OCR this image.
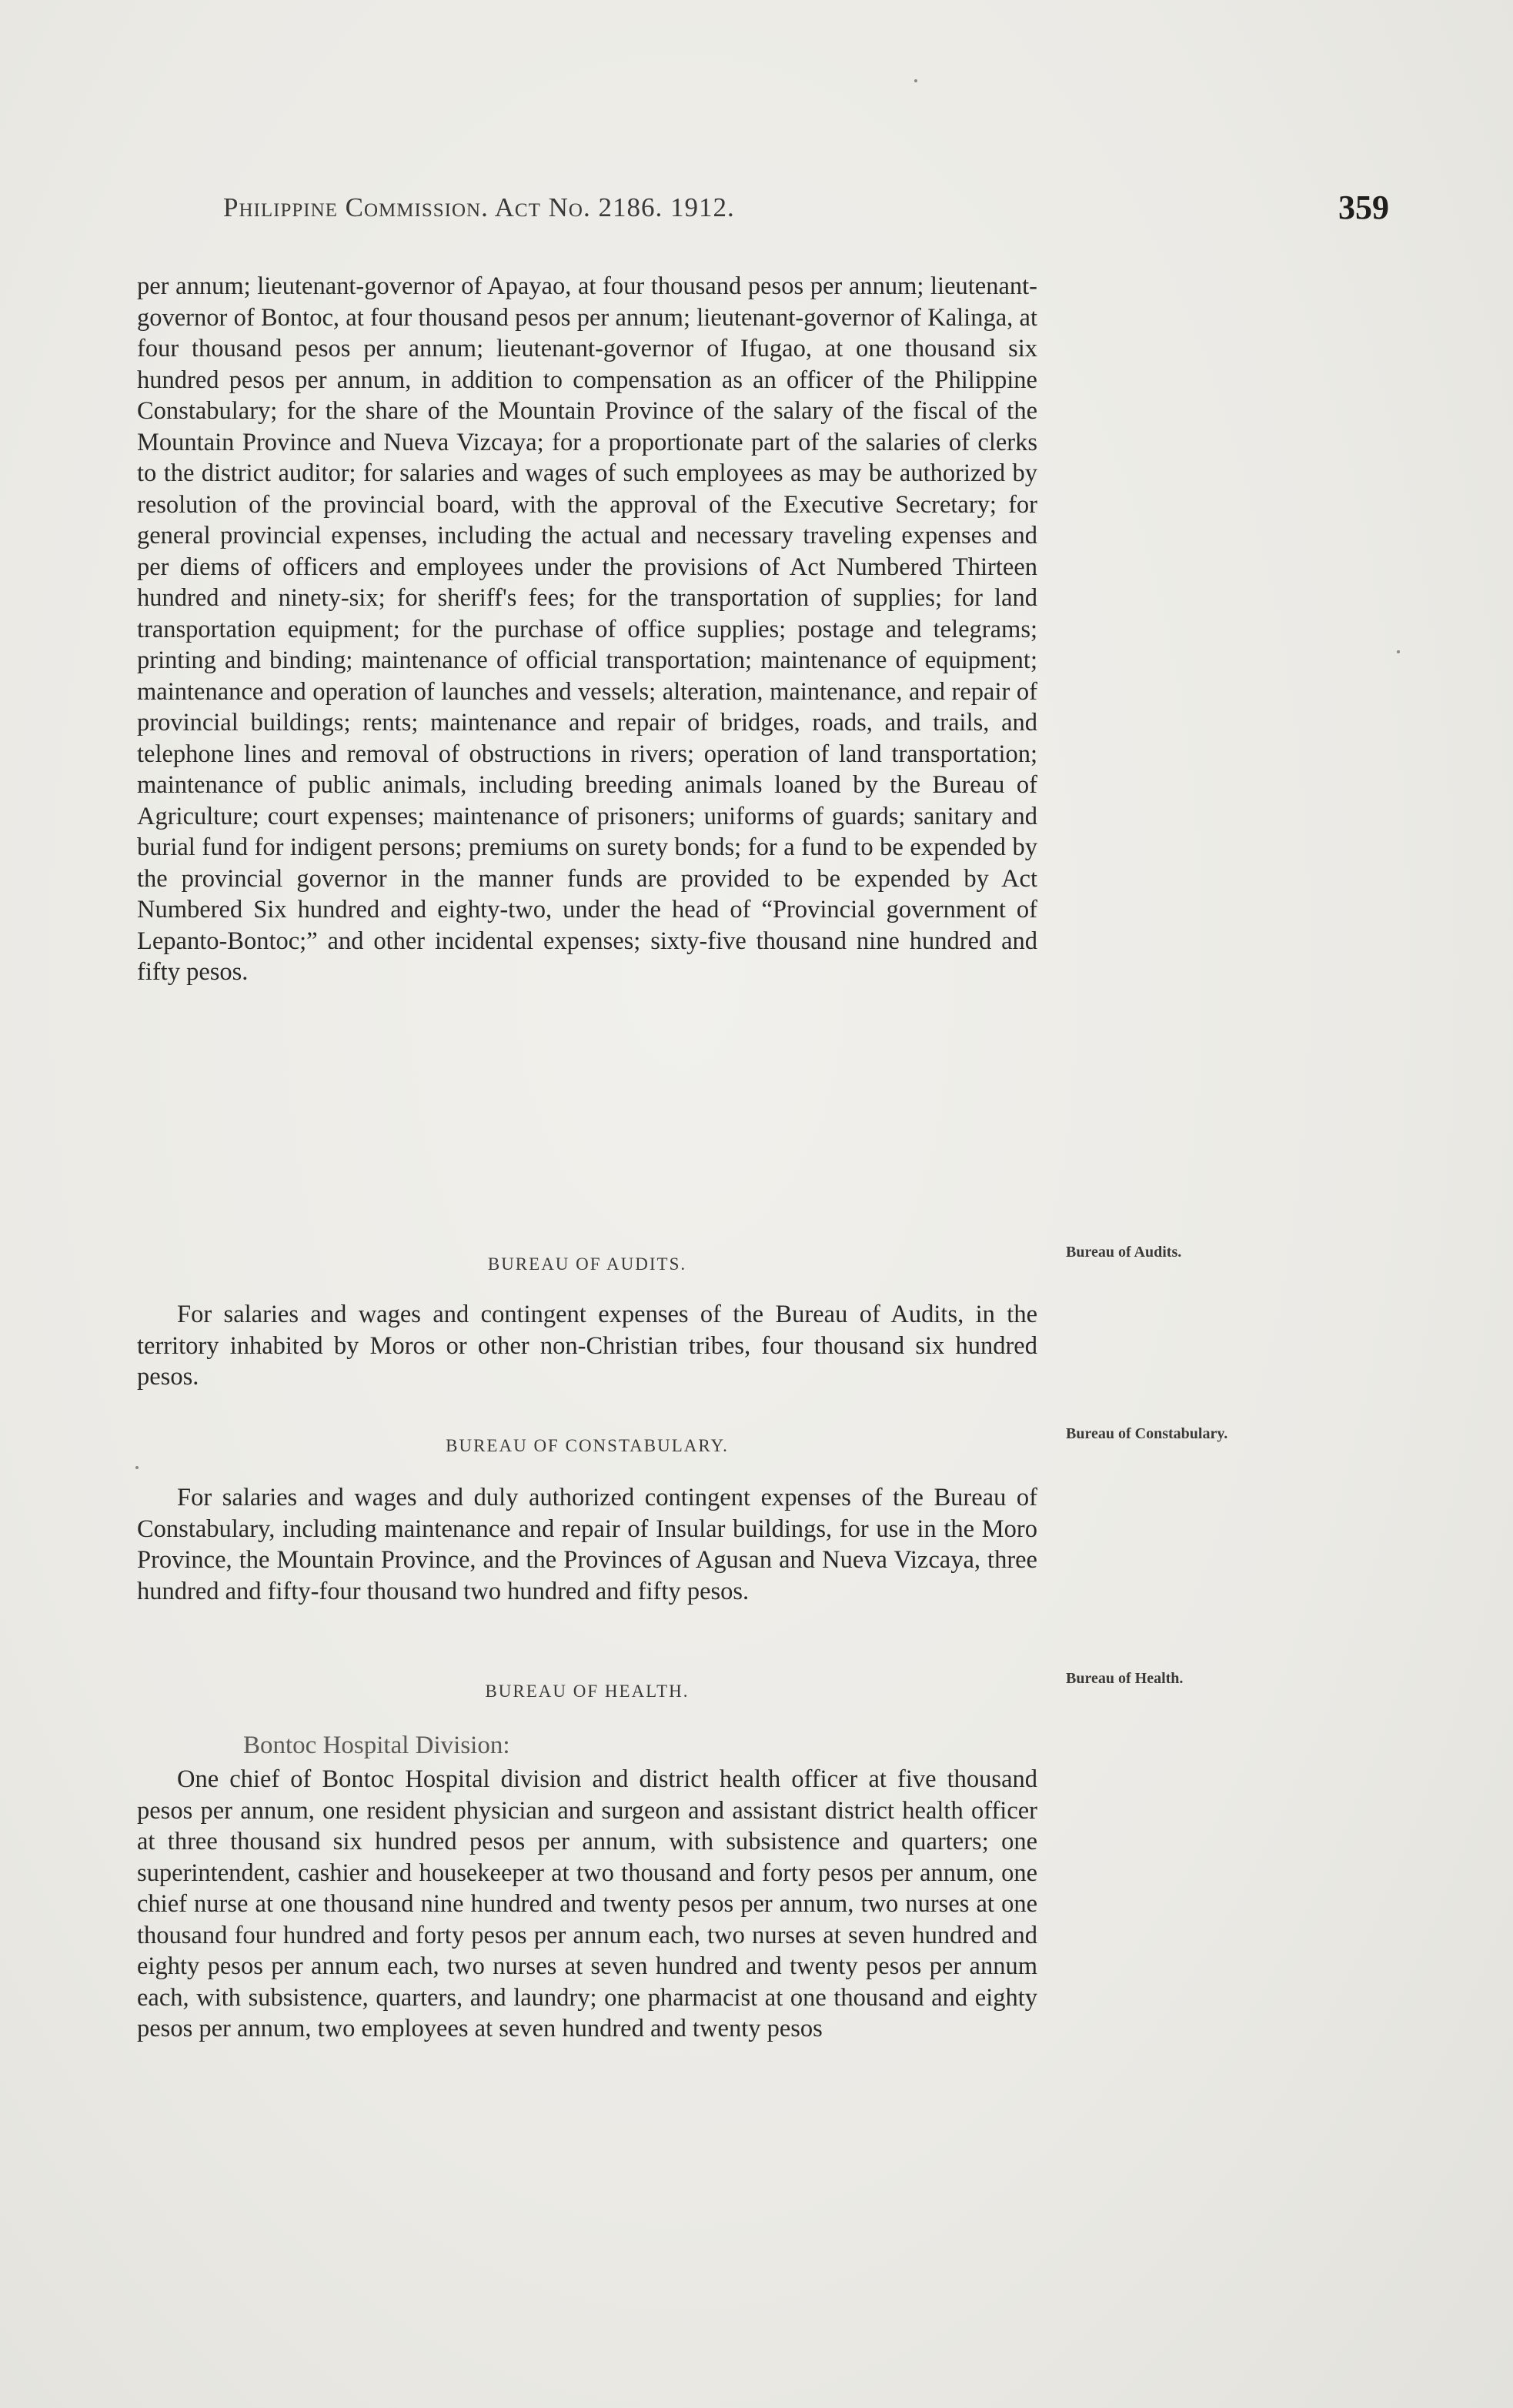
Philippine Commission. Act No. 2186. 1912.	359

per annum; lieutenant-governor of Apayao, at four thousand pesos per annum; lieutenant-governor of Bontoc, at four thousand pesos per annum; lieutenant-governor of Kalinga, at four thousand pesos per annum; lieutenant-governor of Ifugao, at one thousand six hundred pesos per annum, in addition to compensation as an officer of the Philippine Constabulary; for the share of the Mountain Province of the salary of the fiscal of the Mountain Province and Nueva Vizcaya; for a proportionate part of the salaries of clerks to the district auditor; for salaries and wages of such employees as may be authorized by resolution of the provincial board, with the approval of the Executive Secretary; for general provincial expenses, including the actual and necessary traveling expenses and per diems of officers and employees under the provisions of Act Numbered Thirteen hundred and ninety-six; for sheriff's fees; for the transportation of supplies; for land transportation equipment; for the purchase of office supplies; postage and telegrams; printing and binding; maintenance of official transportation; maintenance of equipment; maintenance and operation of launches and vessels; alteration, maintenance, and repair of provincial buildings; rents; maintenance and repair of bridges, roads, and trails, and telephone lines and removal of obstructions in rivers; operation of land transportation; maintenance of public animals, including breeding animals loaned by the Bureau of Agriculture; court expenses; maintenance of prisoners; uniforms of guards; sanitary and burial fund for indigent persons; premiums on surety bonds; for a fund to be expended by the provincial governor in the manner funds are provided to be expended by Act Numbered Six hundred and eighty-two, under the head of “Provincial government of Lepanto-Bontoc;” and other incidental expenses; sixty-five thousand nine hundred and fifty pesos.

BUREAU OF AUDITS.

Bureau of Audits.

For salaries and wages and contingent expenses of the Bureau of Audits, in the territory inhabited by Moros or other non-Christian tribes, four thousand six hundred pesos.

BUREAU OF CONSTABULARY.

Bureau of Constabulary.

For salaries and wages and duly authorized contingent expenses of the Bureau of Constabulary, including maintenance and repair of Insular buildings, for use in the Moro Province, the Mountain Province, and the Provinces of Agusan and Nueva Vizcaya, three hundred and fifty-four thousand two hundred and fifty pesos.

BUREAU OF HEALTH.

Bureau of Health.

Bontoc Hospital Division:

One chief of Bontoc Hospital division and district health officer at five thousand pesos per annum, one resident physician and surgeon and assistant district health officer at three thousand six hundred pesos per annum, with subsistence and quarters; one superintendent, cashier and housekeeper at two thousand and forty pesos per annum, one chief nurse at one thousand nine hundred and twenty pesos per annum, two nurses at one thousand four hundred and forty pesos per annum each, two nurses at seven hundred and eighty pesos per annum each, two nurses at seven hundred and twenty pesos per annum each, with subsistence, quarters, and laundry; one pharmacist at one thousand and eighty pesos per annum, two employees at seven hundred and twenty pesos
